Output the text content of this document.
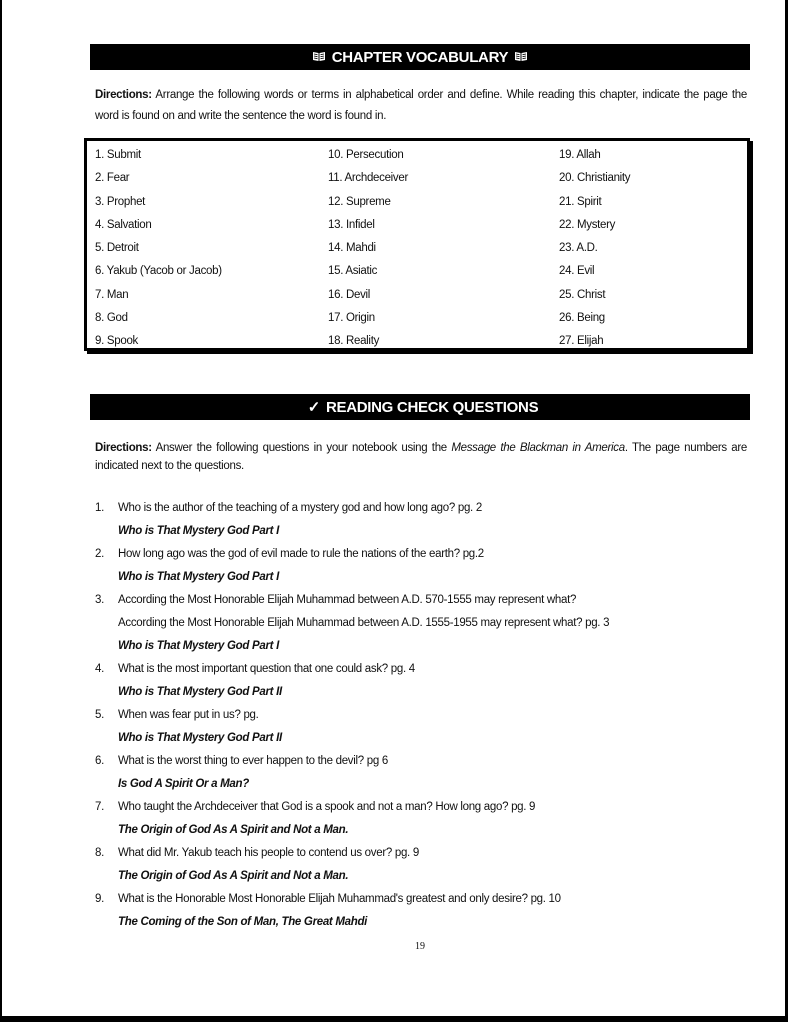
CHAPTER VOCABULARY
Directions: Arrange the following words or terms in alphabetical order and define. While reading this chapter, indicate the page the word is found on and write the sentence the word is found in.
1. Submit
2. Fear
3. Prophet
4. Salvation
5. Detroit
6. Yakub (Yacob or Jacob)
7. Man
8. God
9. Spook
10. Persecution
11. Archdeceiver
12. Supreme
13. Infidel
14. Mahdi
15. Asiatic
16. Devil
17. Origin
18. Reality
19. Allah
20. Christianity
21. Spirit
22. Mystery
23. A.D.
24. Evil
25. Christ
26. Being
27. Elijah
✓ READING CHECK QUESTIONS
Directions: Answer the following questions in your notebook using the Message the Blackman in America. The page numbers are indicated next to the questions.
1. Who is the author of the teaching of a mystery god and how long ago? pg. 2
Who is That Mystery God Part I
2. How long ago was the god of evil made to rule the nations of the earth? pg.2
Who is That Mystery God Part I
3. According the Most Honorable Elijah Muhammad between A.D. 570-1555 may represent what?
According the Most Honorable Elijah Muhammad between A.D. 1555-1955 may represent what? pg. 3
Who is That Mystery God Part I
4. What is the most important question that one could ask? pg. 4
Who is That Mystery God Part II
5. When was fear put in us? pg.
Who is That Mystery God Part II
6. What is the worst thing to ever happen to the devil? pg 6
Is God A Spirit Or a Man?
7. Who taught the Archdeceiver that God is a spook and not a man? How long ago? pg. 9
The Origin of God As A Spirit and Not a Man.
8. What did Mr. Yakub teach his people to contend us over? pg. 9
The Origin of God As A Spirit and Not a Man.
9. What is the Honorable Most Honorable Elijah Muhammad's greatest and only desire? pg. 10
The Coming of the Son of Man, The Great Mahdi
19
